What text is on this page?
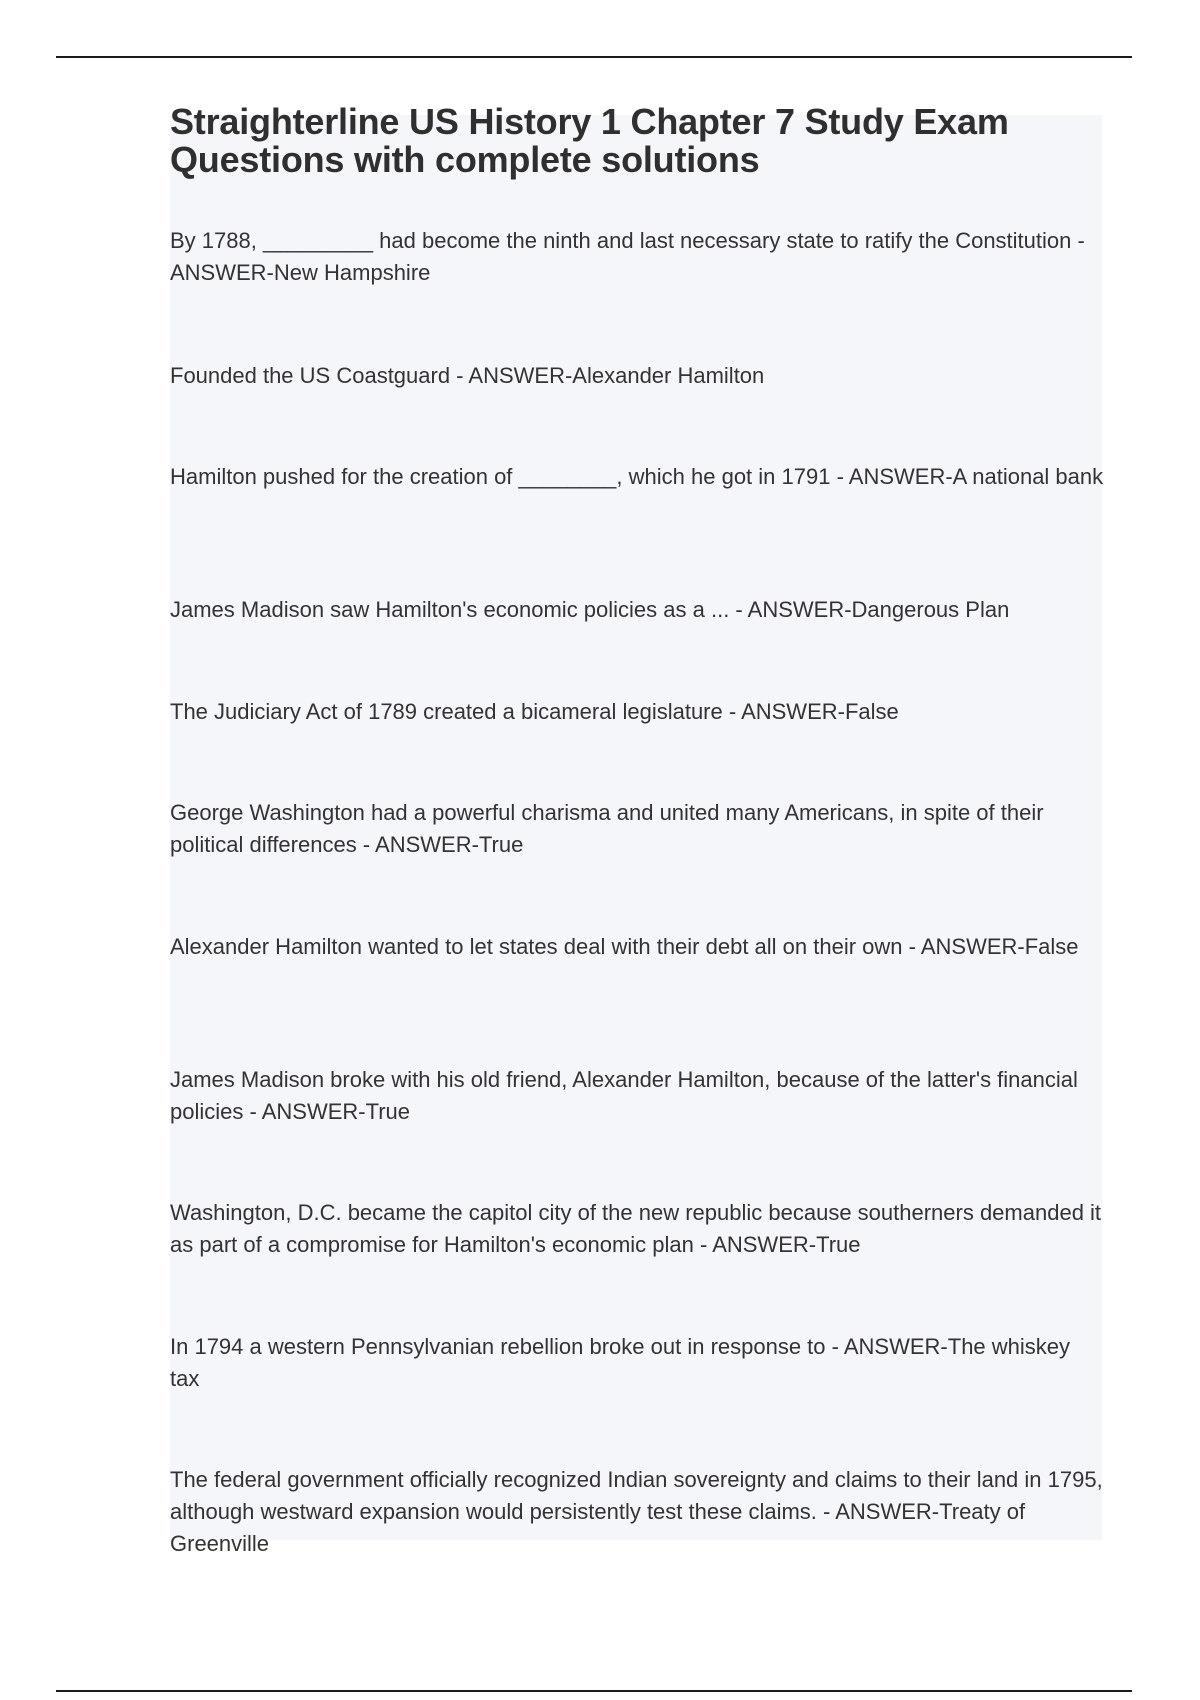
Straighterline US History 1 Chapter 7 Study Exam Questions with complete solutions

By 1788, _________ had become the ninth and last necessary state to ratify the Constitution - ANSWER-New Hampshire

Founded the US Coastguard - ANSWER-Alexander Hamilton

Hamilton pushed for the creation of ________, which he got in 1791 - ANSWER-A national bank

James Madison saw Hamilton's economic policies as a ... - ANSWER-Dangerous Plan

The Judiciary Act of 1789 created a bicameral legislature - ANSWER-False

George Washington had a powerful charisma and united many Americans, in spite of their political differences - ANSWER-True

Alexander Hamilton wanted to let states deal with their debt all on their own - ANSWER-False

James Madison broke with his old friend, Alexander Hamilton, because of the latter's financial policies - ANSWER-True

Washington, D.C. became the capitol city of the new republic because southerners demanded it as part of a compromise for Hamilton's economic plan - ANSWER-True

In 1794 a western Pennsylvanian rebellion broke out in response to - ANSWER-The whiskey tax

The federal government officially recognized Indian sovereignty and claims to their land in 1795, although westward expansion would persistently test these claims. - ANSWER-Treaty of Greenville
